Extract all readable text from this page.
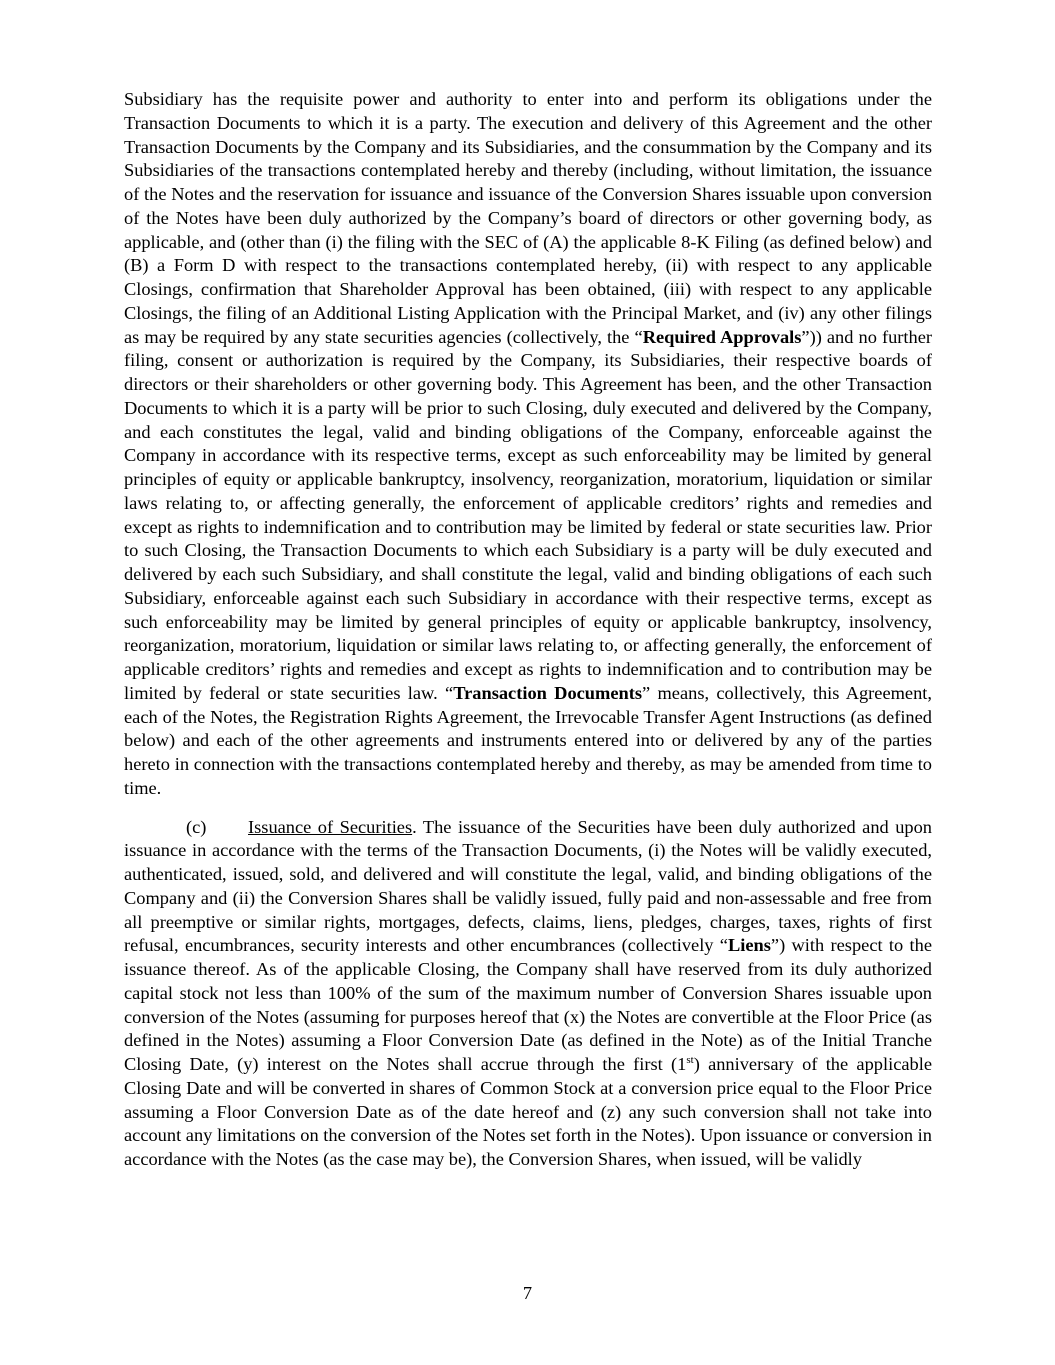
Subsidiary has the requisite power and authority to enter into and perform its obligations under the Transaction Documents to which it is a party. The execution and delivery of this Agreement and the other Transaction Documents by the Company and its Subsidiaries, and the consummation by the Company and its Subsidiaries of the transactions contemplated hereby and thereby (including, without limitation, the issuance of the Notes and the reservation for issuance and issuance of the Conversion Shares issuable upon conversion of the Notes have been duly authorized by the Company’s board of directors or other governing body, as applicable, and (other than (i) the filing with the SEC of (A) the applicable 8-K Filing (as defined below) and (B) a Form D with respect to the transactions contemplated hereby, (ii) with respect to any applicable Closings, confirmation that Shareholder Approval has been obtained, (iii) with respect to any applicable Closings, the filing of an Additional Listing Application with the Principal Market, and (iv) any other filings as may be required by any state securities agencies (collectively, the “Required Approvals”)) and no further filing, consent or authorization is required by the Company, its Subsidiaries, their respective boards of directors or their shareholders or other governing body. This Agreement has been, and the other Transaction Documents to which it is a party will be prior to such Closing, duly executed and delivered by the Company, and each constitutes the legal, valid and binding obligations of the Company, enforceable against the Company in accordance with its respective terms, except as such enforceability may be limited by general principles of equity or applicable bankruptcy, insolvency, reorganization, moratorium, liquidation or similar laws relating to, or affecting generally, the enforcement of applicable creditors’ rights and remedies and except as rights to indemnification and to contribution may be limited by federal or state securities law. Prior to such Closing, the Transaction Documents to which each Subsidiary is a party will be duly executed and delivered by each such Subsidiary, and shall constitute the legal, valid and binding obligations of each such Subsidiary, enforceable against each such Subsidiary in accordance with their respective terms, except as such enforceability may be limited by general principles of equity or applicable bankruptcy, insolvency, reorganization, moratorium, liquidation or similar laws relating to, or affecting generally, the enforcement of applicable creditors’ rights and remedies and except as rights to indemnification and to contribution may be limited by federal or state securities law. “Transaction Documents” means, collectively, this Agreement, each of the Notes, the Registration Rights Agreement, the Irrevocable Transfer Agent Instructions (as defined below) and each of the other agreements and instruments entered into or delivered by any of the parties hereto in connection with the transactions contemplated hereby and thereby, as may be amended from time to time.

(c) Issuance of Securities. The issuance of the Securities have been duly authorized and upon issuance in accordance with the terms of the Transaction Documents, (i) the Notes will be validly executed, authenticated, issued, sold, and delivered and will constitute the legal, valid, and binding obligations of the Company and (ii) the Conversion Shares shall be validly issued, fully paid and non-assessable and free from all preemptive or similar rights, mortgages, defects, claims, liens, pledges, charges, taxes, rights of first refusal, encumbrances, security interests and other encumbrances (collectively “Liens”) with respect to the issuance thereof. As of the applicable Closing, the Company shall have reserved from its duly authorized capital stock not less than 100% of the sum of the maximum number of Conversion Shares issuable upon conversion of the Notes (assuming for purposes hereof that (x) the Notes are convertible at the Floor Price (as defined in the Notes) assuming a Floor Conversion Date (as defined in the Note) as of the Initial Tranche Closing Date, (y) interest on the Notes shall accrue through the first (1st) anniversary of the applicable Closing Date and will be converted in shares of Common Stock at a conversion price equal to the Floor Price assuming a Floor Conversion Date as of the date hereof and (z) any such conversion shall not take into account any limitations on the conversion of the Notes set forth in the Notes). Upon issuance or conversion in accordance with the Notes (as the case may be), the Conversion Shares, when issued, will be validly

7
